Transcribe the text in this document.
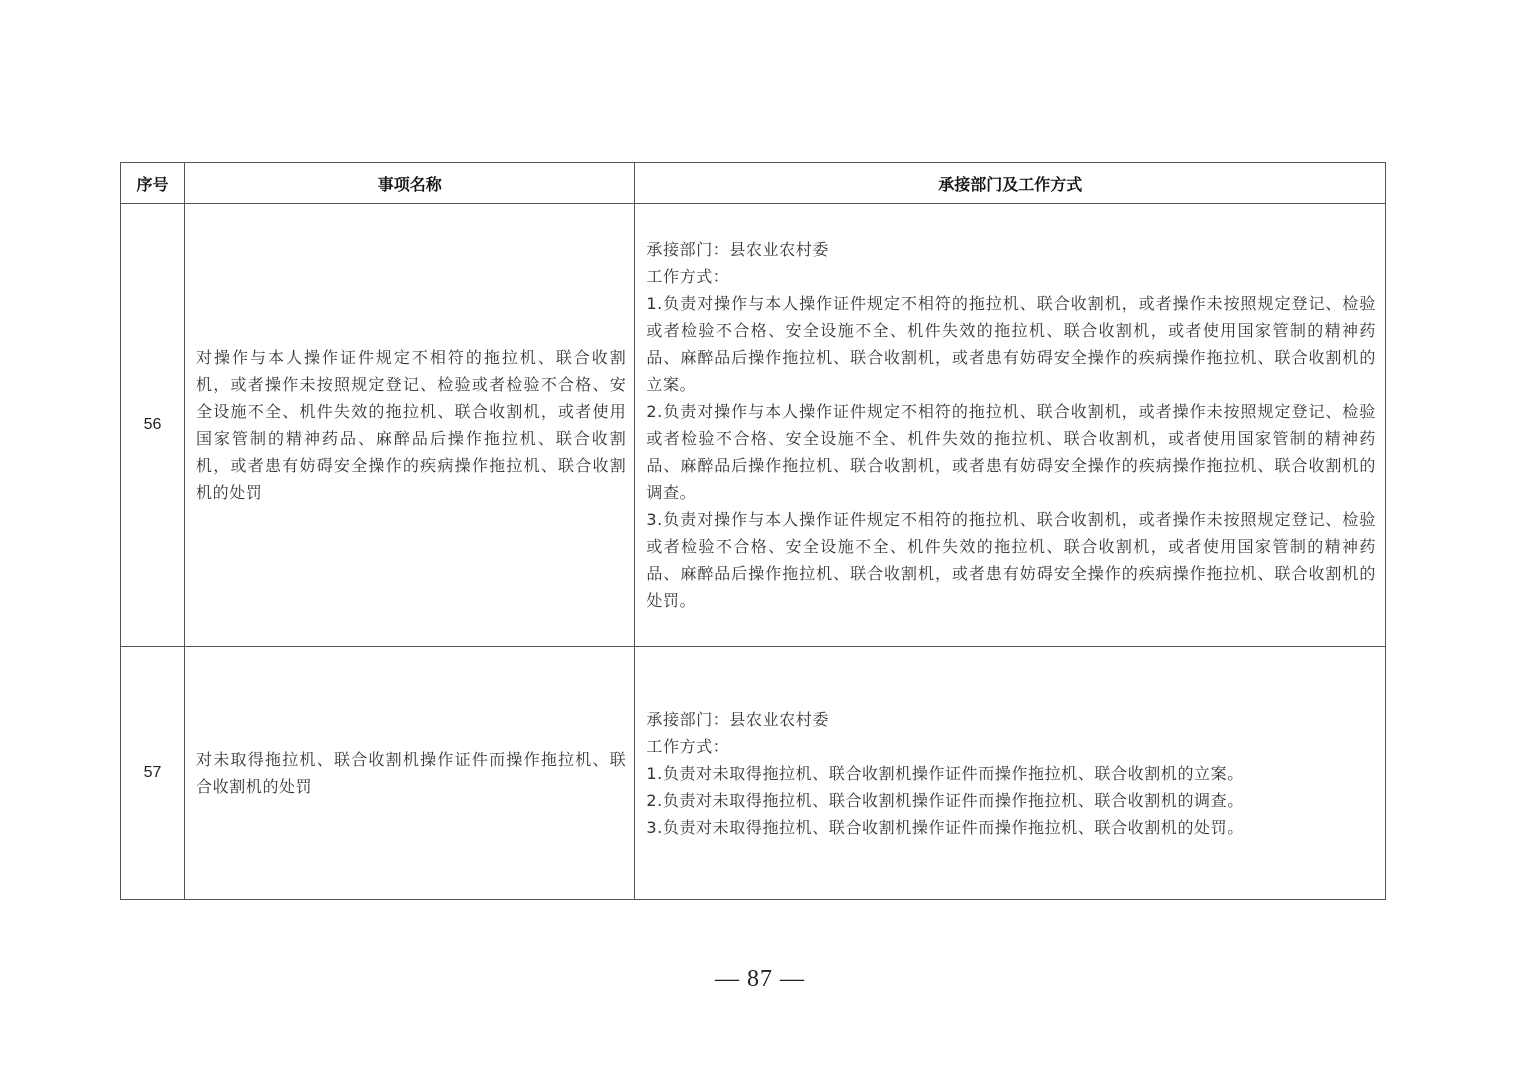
序号	事项名称	承接部门及工作方式
56	对操作与本人操作证件规定不相符的拖拉机、联合收割机，或者操作未按照规定登记、检验或者检验不合格、安全设施不全、机件失效的拖拉机、联合收割机，或者使用国家管制的精神药品、麻醉品后操作拖拉机、联合收割机，或者患有妨碍安全操作的疾病操作拖拉机、联合收割机的处罚	承接部门：县农业农村委

工作方式：

1.负责对操作与本人操作证件规定不相符的拖拉机、联合收割机，或者操作未按照规定登记、检验或者检验不合格、安全设施不全、机件失效的拖拉机、联合收割机，或者使用国家管制的精神药品、麻醉品后操作拖拉机、联合收割机，或者患有妨碍安全操作的疾病操作拖拉机、联合收割机的立案。

2.负责对操作与本人操作证件规定不相符的拖拉机、联合收割机，或者操作未按照规定登记、检验或者检验不合格、安全设施不全、机件失效的拖拉机、联合收割机，或者使用国家管制的精神药品、麻醉品后操作拖拉机、联合收割机，或者患有妨碍安全操作的疾病操作拖拉机、联合收割机的调查。

3.负责对操作与本人操作证件规定不相符的拖拉机、联合收割机，或者操作未按照规定登记、检验或者检验不合格、安全设施不全、机件失效的拖拉机、联合收割机，或者使用国家管制的精神药品、麻醉品后操作拖拉机、联合收割机，或者患有妨碍安全操作的疾病操作拖拉机、联合收割机的处罚。

57	对未取得拖拉机、联合收割机操作证件而操作拖拉机、联合收割机的处罚	承接部门：县农业农村委

工作方式：

1.负责对未取得拖拉机、联合收割机操作证件而操作拖拉机、联合收割机的立案。

2.负责对未取得拖拉机、联合收割机操作证件而操作拖拉机、联合收割机的调查。

3.负责对未取得拖拉机、联合收割机操作证件而操作拖拉机、联合收割机的处罚。

— 87 —
